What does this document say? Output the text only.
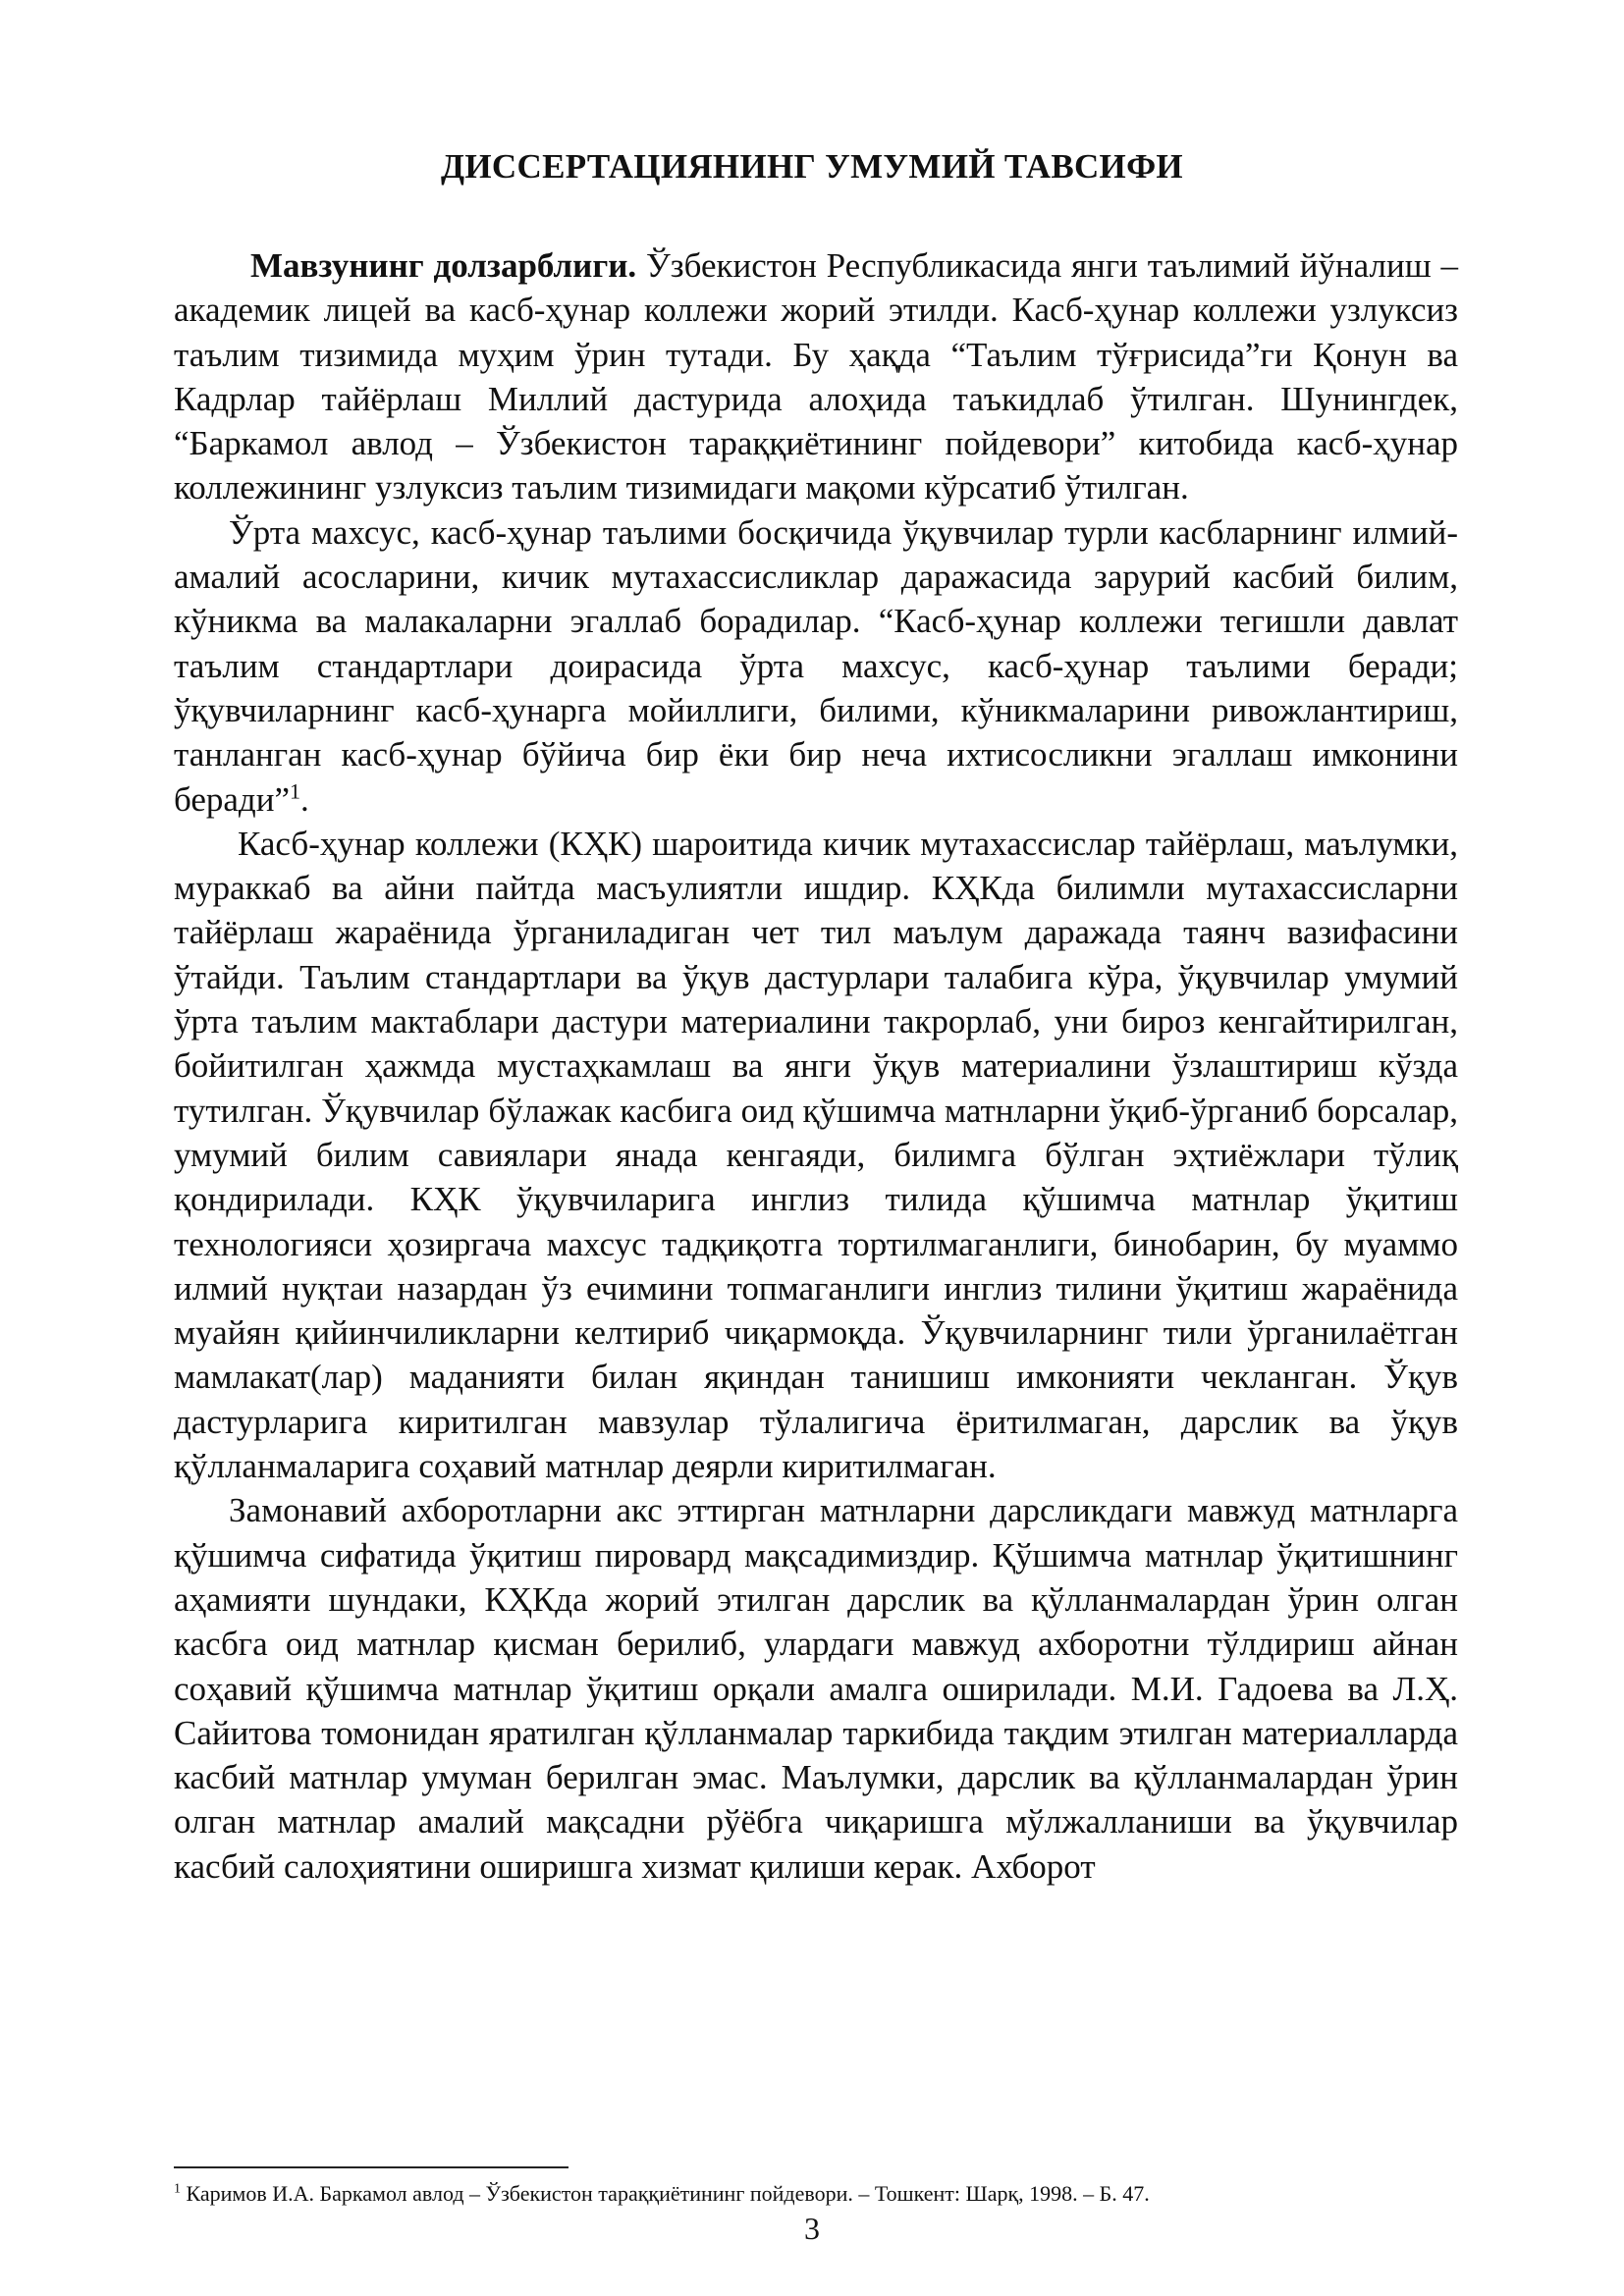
ДИССЕРТАЦИЯНИНГ УМУМИЙ ТАВСИФИ

Мавзунинг долзарблиги. Ўзбекистон Республикасида янги таълимий йўналиш – академик лицей ва касб-ҳунар коллежи жорий этилди. Касб-ҳунар коллежи узлуксиз таълим тизимида муҳим ўрин тутади. Бу ҳақда “Таълим тўғрисида”ги Қонун ва Кадрлар тайёрлаш Миллий дастурида алоҳида таъкидлаб ўтилган. Шунингдек, “Баркамол авлод – Ўзбекистон тараққиётининг пойдевори” китобида касб-ҳунар коллежининг узлуксиз таълим тизимидаги мақоми кўрсатиб ўтилган.

Ўрта махсус, касб-ҳунар таълими босқичида ўқувчилар турли касбларнинг илмий-амалий асосларини, кичик мутахассисликлар даражасида зарурий касбий билим, кўникма ва малакаларни эгаллаб борадилар. “Касб-ҳунар коллежи тегишли давлат таълим стандартлари доирасида ўрта махсус, касб-ҳунар таълими беради; ўқувчиларнинг касб-ҳунарга мойиллиги, билими, кўникмаларини ривожлантириш, танланган касб-ҳунар бўйича бир ёки бир неча ихтисосликни эгаллаш имконини беради”$^1$.

Касб-ҳунар коллежи (КҲК) шароитида кичик мутахассислар тайёрлаш, маълумки, мураккаб ва айни пайтда масъулиятли ишдир. КҲКда билимли мутахассисларни тайёрлаш жараёнида ўрганиладиган чет тил маълум даражада таянч вазифасини ўтайди. Таълим стандартлари ва ўқув дастурлари талабига кўра, ўқувчилар умумий ўрта таълим мактаблари дастури материалини такрорлаб, уни бироз кенгайтирилган, бойитилган ҳажмда мустаҳкамлаш ва янги ўқув материалини ўзлаштириш кўзда тутилган. Ўқувчилар бўлажак касбига оид қўшимча матнларни ўқиб-ўрганиб борсалар, умумий билим савиялари янада кенгаяди, билимга бўлган эҳтиёжлари тўлиқ қондирилади. КҲК ўқувчиларига инглиз тилида қўшимча матнлар ўқитиш технологияси ҳозиргача махсус тадқиқотга тортилмаганлиги, бинобарин, бу муаммо илмий нуқтаи назардан ўз ечимини топмаганлиги инглиз тилини ўқитиш жараёнида муайян қийинчиликларни келтириб чиқармоқда. Ўқувчиларнинг тили ўрганилаётган мамлакат(лар) маданияти билан яқиндан танишиш имконияти чекланган. Ўқув дастурларига киритилган мавзулар тўлалигича ёритилмаган, дарслик ва ўқув қўлланмаларига соҳавий матнлар деярли киритилмаган.

Замонавий ахборотларни акс эттирган матнларни дарсликдаги мавжуд матнларга қўшимча сифатида ўқитиш пировард мақсадимиздир. Қўшимча матнлар ўқитишнинг аҳамияти шундаки, КҲКда жорий этилган дарслик ва қўлланмалардан ўрин олган касбга оид матнлар қисман берилиб, улардаги мавжуд ахборотни тўлдириш айнан соҳавий қўшимча матнлар ўқитиш орқали амалга оширилади. М.И. Гадоева ва Л.Ҳ. Сайитова томонидан яратилган қўлланмалар таркибида тақдим этилган материалларда касбий матнлар умуман берилган эмас. Маълумки, дарслик ва қўлланмалардан ўрин олган матнлар амалий мақсадни рўёбга чиқаришга мўлжалланиши ва ўқувчилар касбий салоҳиятини оширишга хизмат қилиши керак. Ахборот

$^1$ Каримов И.А. Баркамол авлод – Ўзбекистон тараққиётининг пойдевори. – Тошкент: Шарқ, 1998. – Б. 47.
3
